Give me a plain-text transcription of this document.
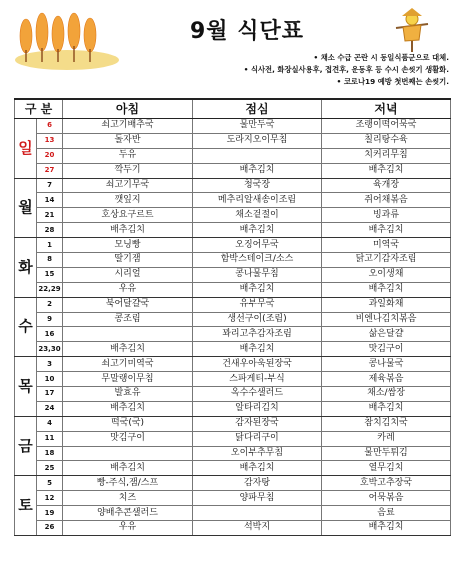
9월 식단표
• 채소 수급 곤란 시 동일식품군으로 대체.
• 식사전, 화장실사용후, 접견후, 운동후 등 수시 손씻기 생활화.
• 코로나19 예방 첫번째는 손씻기.
구 분		아침	점심	저녁
일	6	쇠고기배추국	물만두국	조랭이떡어묵국
	13	돌자반	도라지오이무침	칠리탕수육
	20	두유		치커리무침
	27	깍두기	배추김치	배추김치
월	7	쇠고기무국	청국장	육개장
	14	깻잎지	메추리알새송이조림	쥐어채볶음
	21	호상요구르트	채소겉절이	빙과류
	28	배추김치	배추김치	배추김치
화	1	모닝빵	오징어무국	미역국
	8	딸기잼	함박스테이크/소스	닭고기감자조림
	15	시리얼	콩나물무침	오이생채
	22,29	우유	배추김치	배추김치
수	2	북어달걀국	유부무국	과일화채
	9	콩조림	생선구이(조림)	비엔나김치볶음
	16		꽈리고추감자조림	삶은달걀
	23,30	배추김치	배추김치	맛김구이
목	3	쇠고기미역국	건새우아욱된장국	콩나물국
	10	무말랭이무침	스파게티-부식	제육볶음
	17	발효유	옥수수샐러드	채소/쌈장
	24	배추김치	알타리김치	배추김치
금	4	떡국(국)	감자된장국	참치김치국
	11	맛김구이	닭다리구이	카레
	18		오이부추무침	물만두튀김
	25	배추김치	배추김치	열무김치
토	5	빵-주식,잼/스프	감자탕	호박고추장국
	12	치즈	양파무침	어묵볶음
	19	양배추콘샐러드		음료
	26	우유	석박지	배추김치
